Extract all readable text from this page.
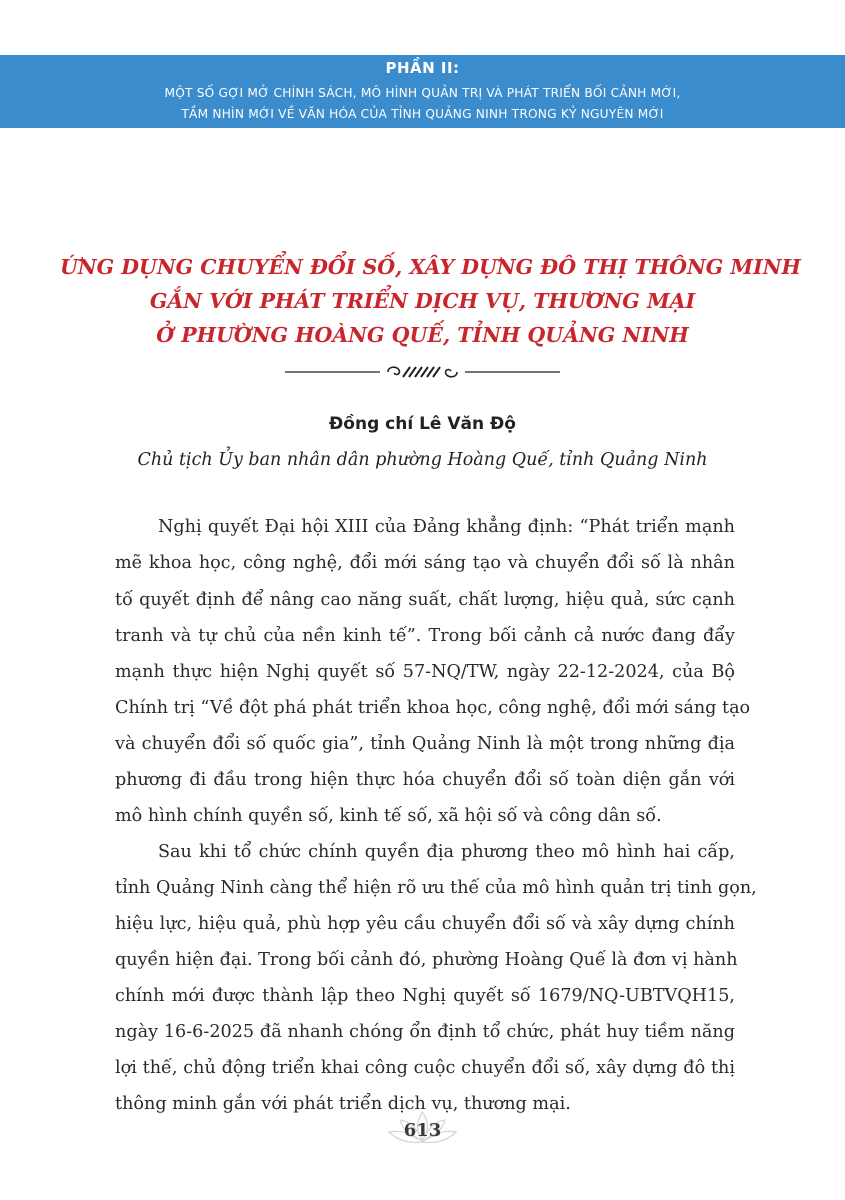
PHẦN II:
MỘT SỐ GỢI MỞ CHÍNH SÁCH, MÔ HÌNH QUẢN TRỊ VÀ PHÁT TRIỂN BỐI CẢNH MỚI,
TẦM NHÌN MỚI VỀ VĂN HÓA CỦA TỈNH QUẢNG NINH TRONG KỶ NGUYÊN MỚI
ỨNG DỤNG CHUYỂN ĐỔI SỐ, XÂY DỰNG ĐÔ THỊ THÔNG MINH
GẮN VỚI PHÁT TRIỂN DỊCH VỤ, THƯƠNG MẠI
Ở PHƯỜNG HOÀNG QUẾ, TỈNH QUẢNG NINH
Đồng chí Lê Văn Độ
Chủ tịch Ủy ban nhân dân phường Hoàng Quế, tỉnh Quảng Ninh
Nghị quyết Đại hội XIII của Đảng khẳng định: “Phát triển mạnh
mẽ khoa học, công nghệ, đổi mới sáng tạo và chuyển đổi số là nhân
tố quyết định để nâng cao năng suất, chất lượng, hiệu quả, sức cạnh
tranh và tự chủ của nền kinh tế”. Trong bối cảnh cả nước đang đẩy
mạnh thực hiện Nghị quyết số 57-NQ/TW, ngày 22-12-2024, của Bộ
Chính trị “Về đột phá phát triển khoa học, công nghệ, đổi mới sáng tạo
và chuyển đổi số quốc gia”, tỉnh Quảng Ninh là một trong những địa
phương đi đầu trong hiện thực hóa chuyển đổi số toàn diện gắn với
mô hình chính quyền số, kinh tế số, xã hội số và công dân số.
Sau khi tổ chức chính quyền địa phương theo mô hình hai cấp,
tỉnh Quảng Ninh càng thể hiện rõ ưu thế của mô hình quản trị tinh gọn,
hiệu lực, hiệu quả, phù hợp yêu cầu chuyển đổi số và xây dựng chính
quyền hiện đại. Trong bối cảnh đó, phường Hoàng Quế là đơn vị hành
chính mới được thành lập theo Nghị quyết số 1679/NQ-UBTVQH15,
ngày 16-6-2025 đã nhanh chóng ổn định tổ chức, phát huy tiềm năng
lợi thế, chủ động triển khai công cuộc chuyển đổi số, xây dựng đô thị
thông minh gắn với phát triển dịch vụ, thương mại.
613
